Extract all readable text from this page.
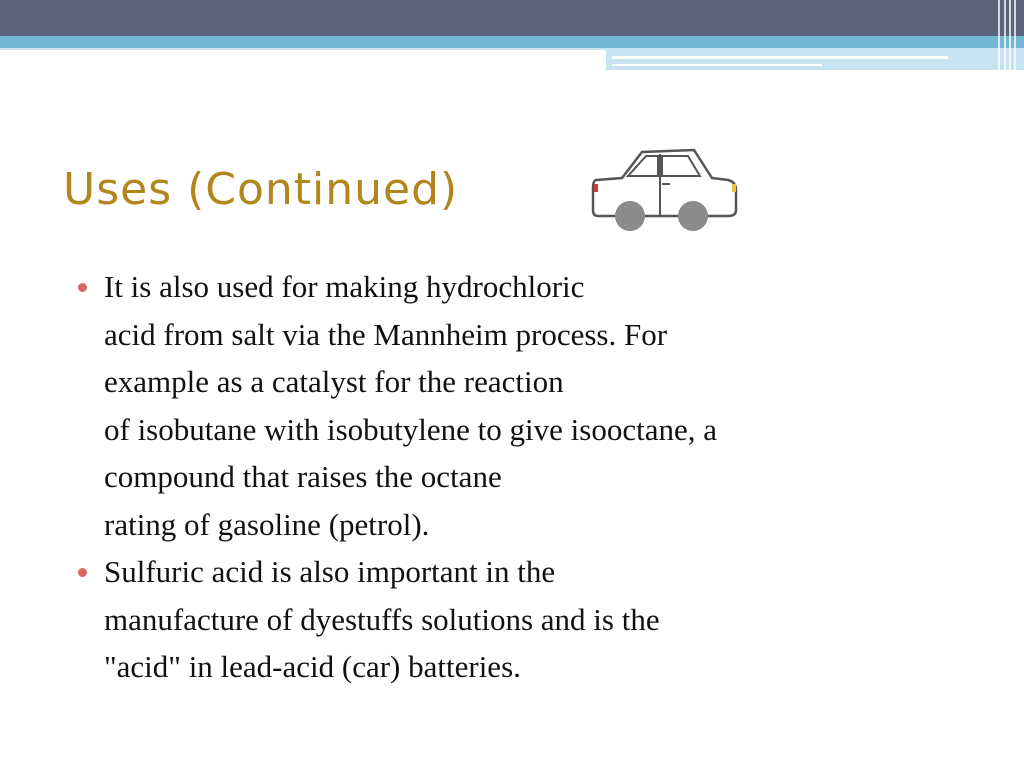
Uses (Continued)
It is also used for making hydrochloric
acid from salt via the Mannheim process. For
example as a catalyst for the reaction
of isobutane with isobutylene to give isooctane, a
compound that raises the octane
rating of gasoline (petrol).
Sulfuric acid is also important in the
manufacture of dyestuffs solutions and is the
"acid" in lead-acid (car) batteries.
